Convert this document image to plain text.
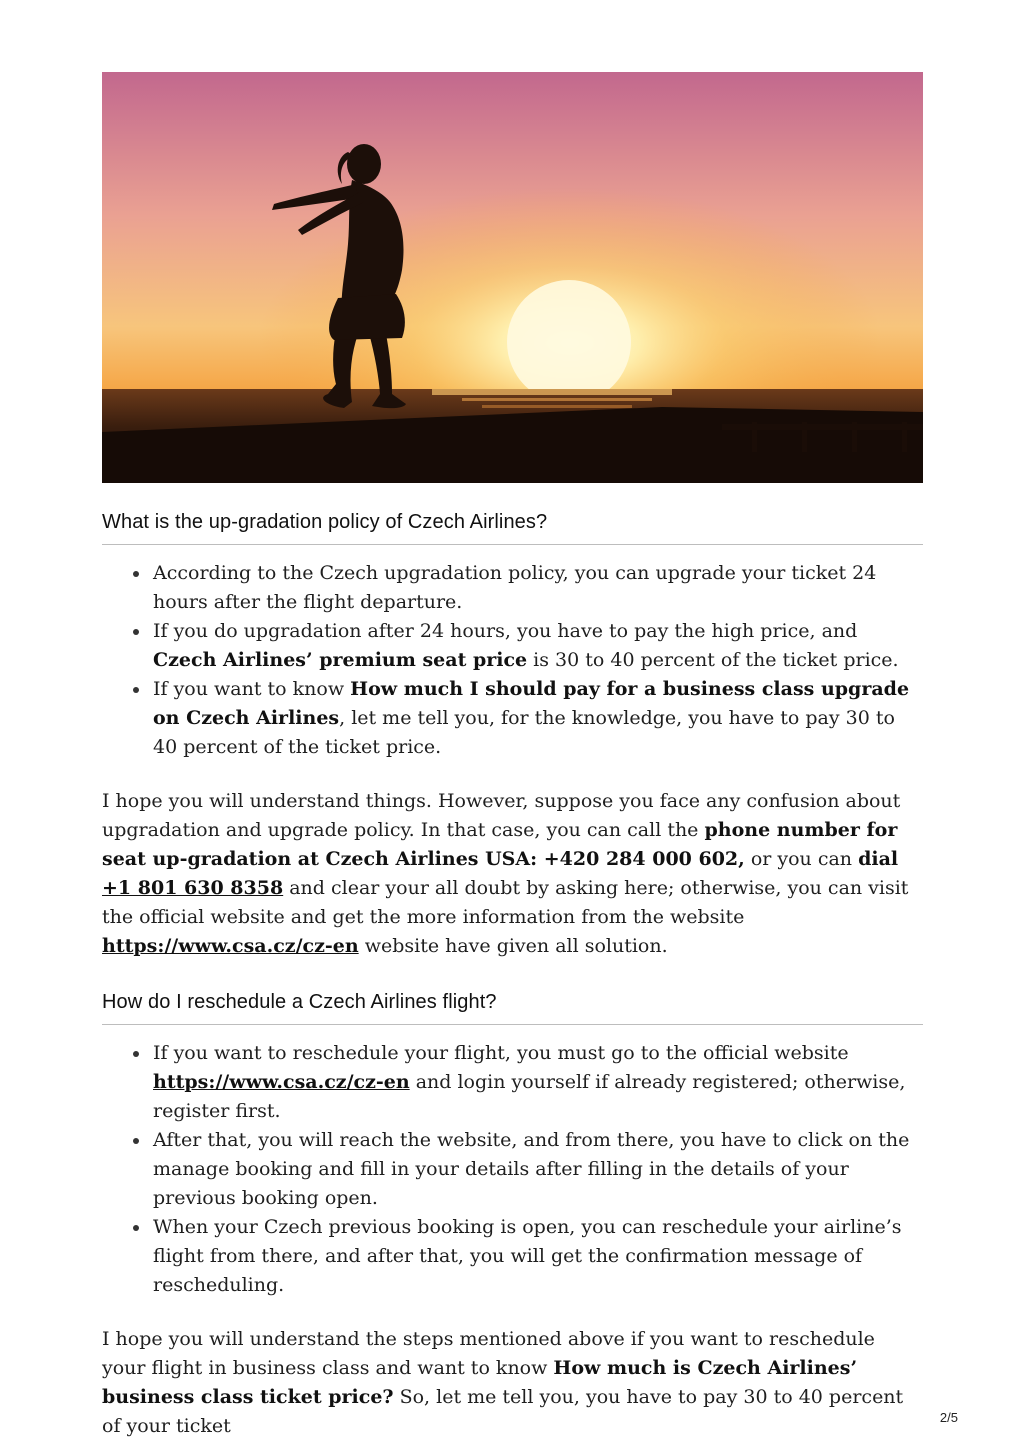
What is the up-gradation policy of Czech Airlines?
According to the Czech upgradation policy, you can upgrade your ticket 24 hours after the flight departure.
If you do upgradation after 24 hours, you have to pay the high price, and Czech Airlines’ premium seat price is 30 to 40 percent of the ticket price.
If you want to know How much I should pay for a business class upgrade on Czech Airlines, let me tell you, for the knowledge, you have to pay 30 to 40 percent of the ticket price.

I hope you will understand things. However, suppose you face any confusion about upgradation and upgrade policy. In that case, you can call the phone number for seat up-gradation at Czech Airlines USA: +420 284 000 602, or you can dial +1 801 630 8358 and clear your all doubt by asking here; otherwise, you can visit the official website and get the more information from the website https://www.csa.cz/cz-en website have given all solution.

How do I reschedule a Czech Airlines flight?
If you want to reschedule your flight, you must go to the official website https://www.csa.cz/cz-en and login yourself if already registered; otherwise, register first.
After that, you will reach the website, and from there, you have to click on the manage booking and fill in your details after filling in the details of your previous booking open.
When your Czech previous booking is open, you can reschedule your airline’s flight from there, and after that, you will get the confirmation message of rescheduling.

I hope you will understand the steps mentioned above if you want to reschedule your flight in business class and want to know How much is Czech Airlines’ business class ticket price? So, let me tell you, you have to pay 30 to 40 percent of your ticket	2/5
